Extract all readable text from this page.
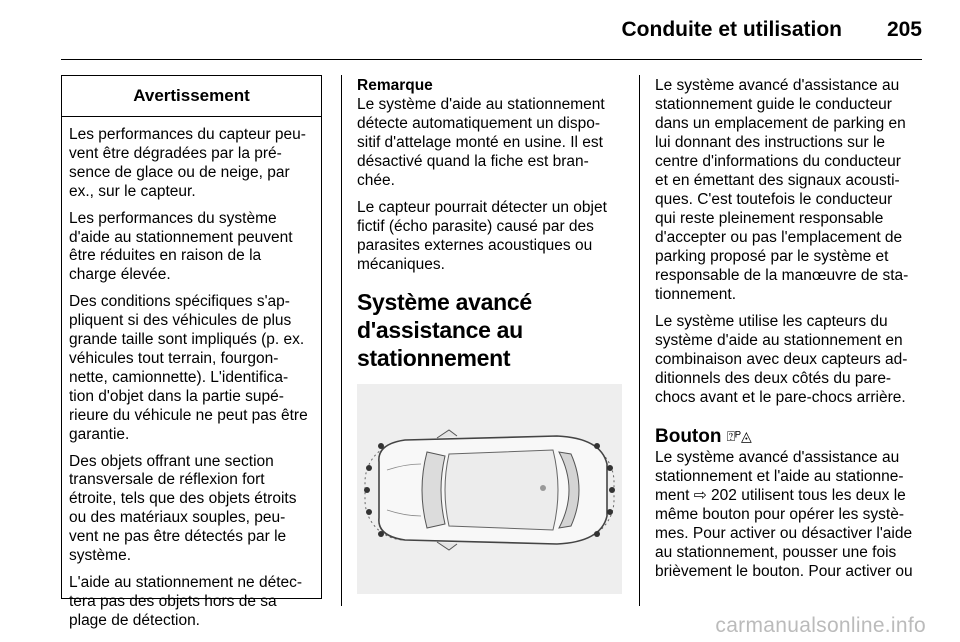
Conduite et utilisation	205
Avertissement

Les performances du capteur peu-
vent être dégradées par la pré-
sence de glace ou de neige, par
ex., sur le capteur.

Les performances du système
d'aide au stationnement peuvent
être réduites en raison de la
charge élevée.

Des conditions spécifiques s'ap-
pliquent si des véhicules de plus
grande taille sont impliqués (p. ex.
véhicules tout terrain, fourgon-
nette, camionnette). L'identifica-
tion d'objet dans la partie supé-
rieure du véhicule ne peut pas être
garantie.

Des objets offrant une section
transversale de réflexion fort
étroite, tels que des objets étroits
ou des matériaux souples, peu-
vent ne pas être détectés par le
système.

L'aide au stationnement ne détec-
tera pas des objets hors de sa
plage de détection.

Remarque

Le système d'aide au stationnement
détecte automatiquement un dispo-
sitif d'attelage monté en usine. Il est
désactivé quand la fiche est bran-
chée.

Le capteur pourrait détecter un objet
fictif (écho parasite) causé par des
parasites externes acoustiques ou
mécaniques.

Système avancé
d'assistance au
stationnement

Le système avancé d'assistance au
stationnement guide le conducteur
dans un emplacement de parking en
lui donnant des instructions sur le
centre d'informations du conducteur
et en émettant des signaux acousti-
ques. C'est toutefois le conducteur
qui reste pleinement responsable
d'accepter ou pas l'emplacement de
parking proposé par le système et
responsable de la manœuvre de sta-
tionnement.

Le système utilise les capteurs du
système d'aide au stationnement en
combinaison avec deux capteurs ad-
ditionnels des deux côtés du pare-
chocs avant et le pare-chocs arrière.

Bouton ⍰ᴾ◬

Le système avancé d'assistance au
stationnement et l'aide au stationne-
ment ⇨ 202 utilisent tous les deux le
même bouton pour opérer les systè-
mes. Pour activer ou désactiver l'aide
au stationnement, pousser une fois
brièvement le bouton. Pour activer ou

carmanualsonline.info
